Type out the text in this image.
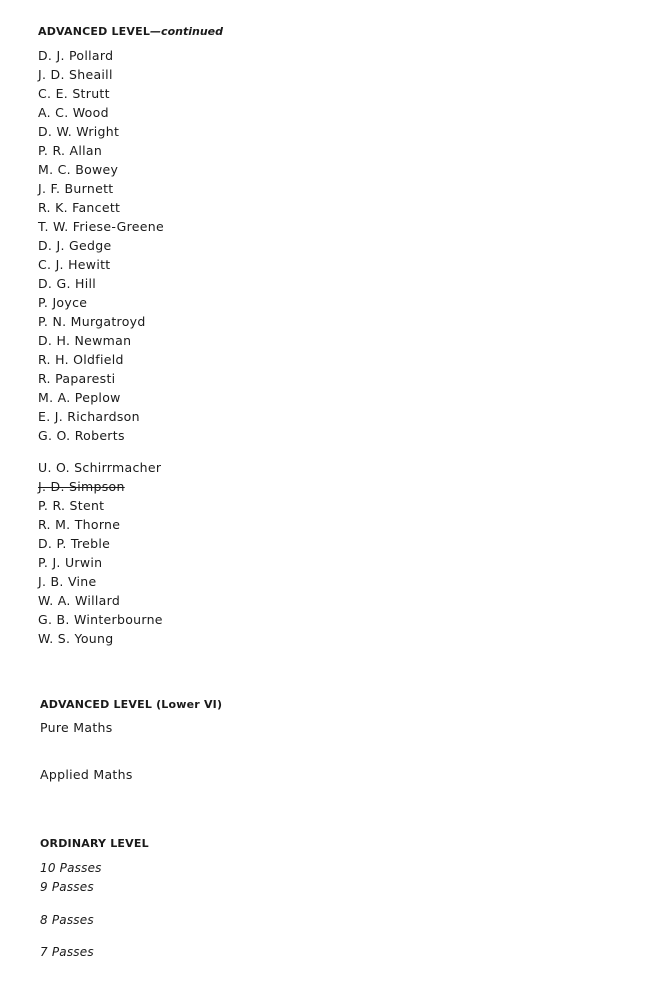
ADVANCED LEVEL—continued
D. J. Pollard
J. D. Sheaill
C. E. Strutt
A. C. Wood
D. W. Wright
P. R. Allan
M. C. Bowey
J. F. Burnett
R. K. Fancett
T. W. Friese-Greene
D. J. Gedge
C. J. Hewitt
D. G. Hill
P. Joyce
P. N. Murgatroyd
D. H. Newman
R. H. Oldfield
R. Paparesti
M. A. Peplow
E. J. Richardson
G. O. Roberts
U. O. Schirrmacher
J. D. Simpson
P. R. Stent
R. M. Thorne
D. P. Treble
P. J. Urwin
J. B. Vine
W. A. Willard
G. B. Winterbourne
W. S. Young
ADVANCED LEVEL (Lower VI)
Pure Maths
Applied Maths
ORDINARY LEVEL
10 Passes
9 Passes
8 Passes
7 Passes
